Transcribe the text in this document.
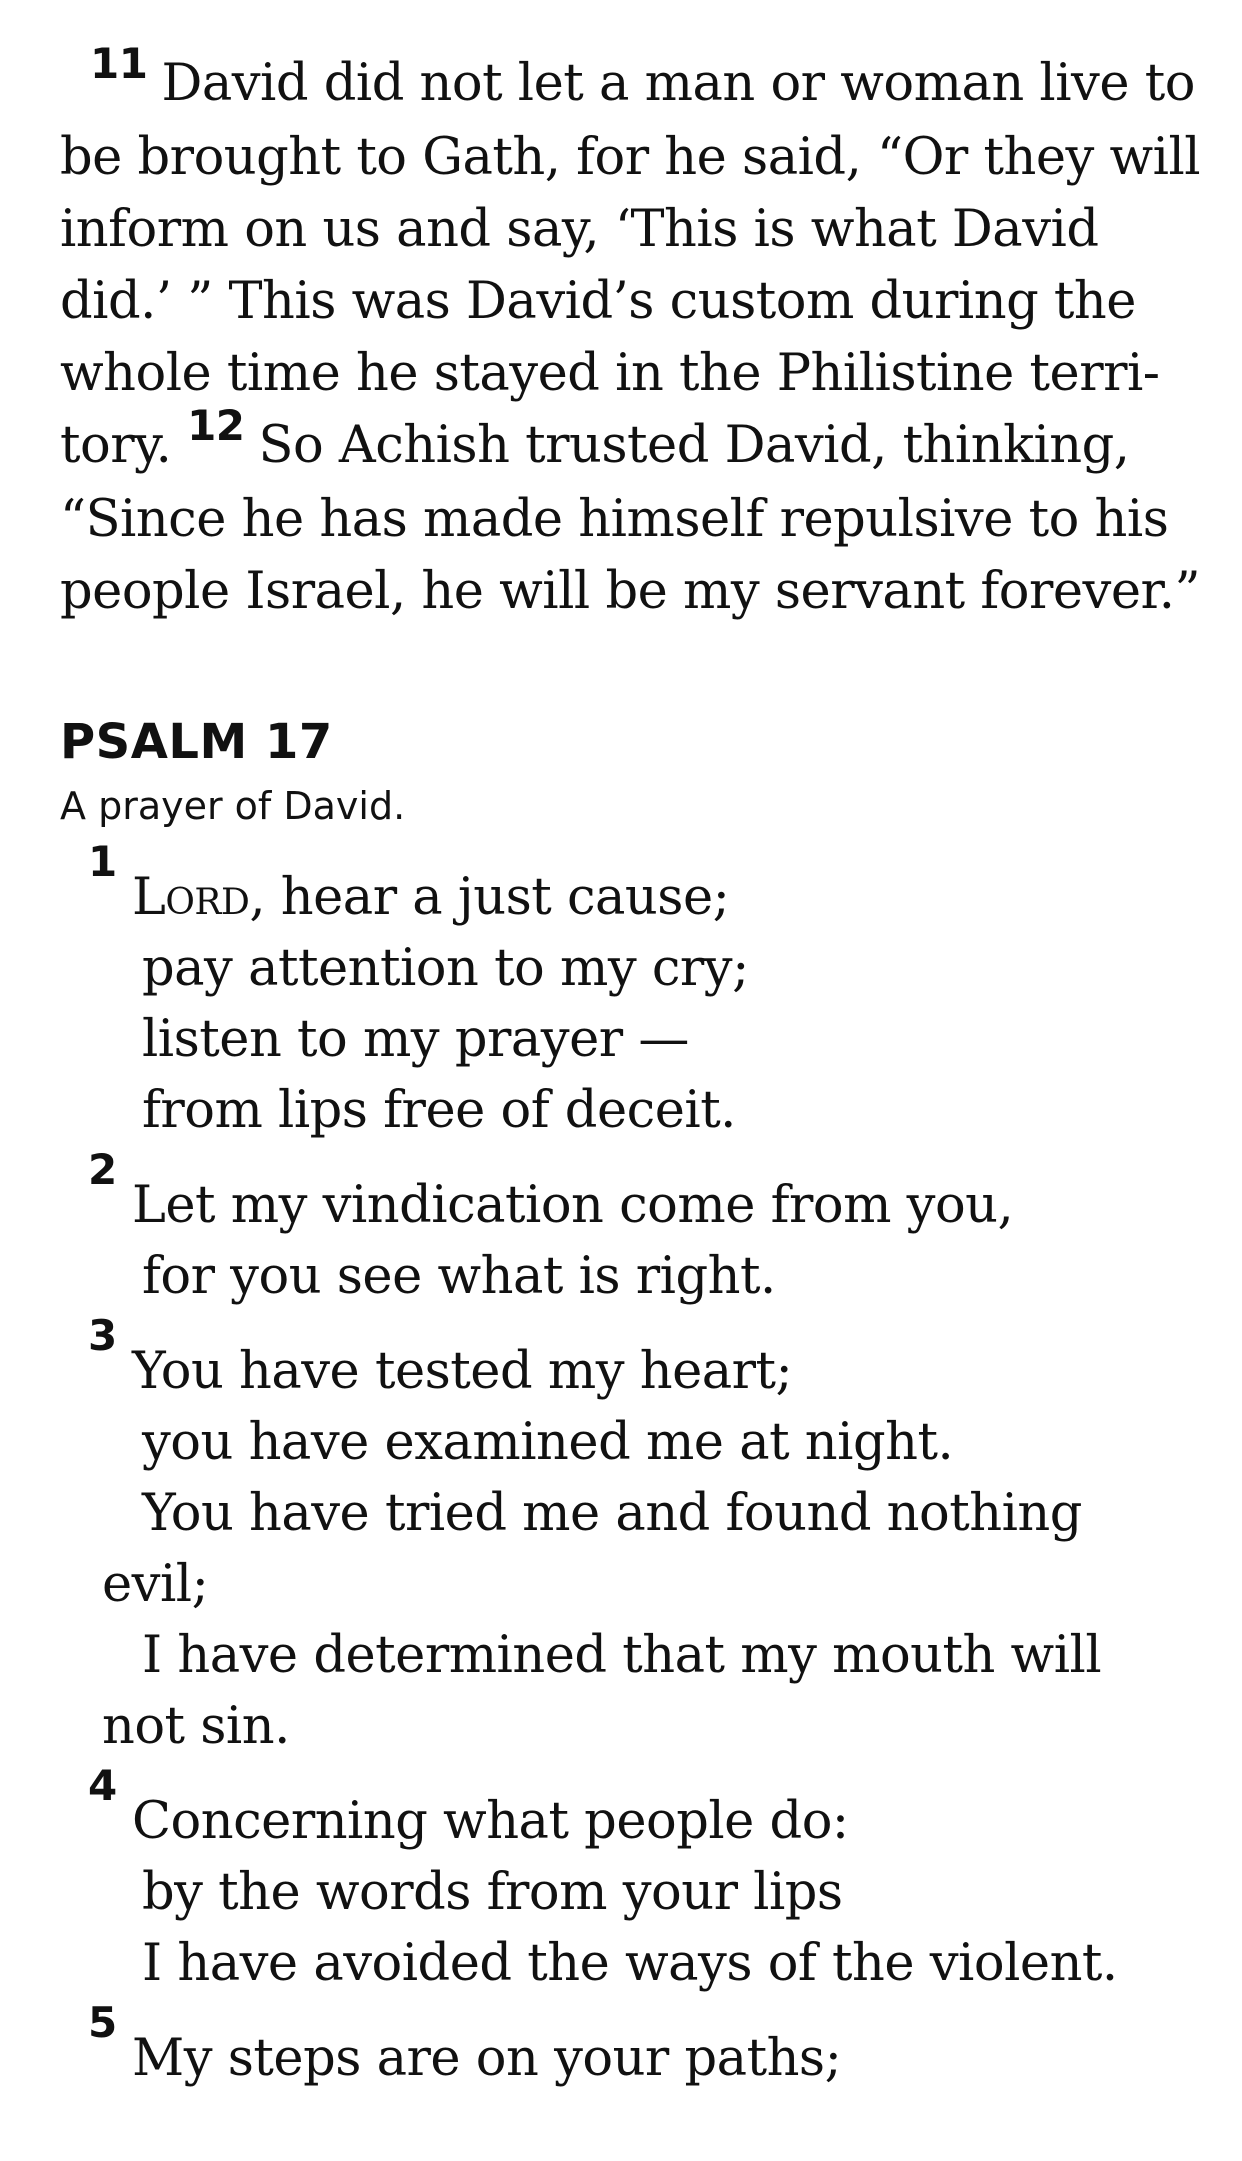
$^{11}$ David did not let a man or woman live to
be brought to Gath, for he said, “Or they will
inform on us and say, ‘This is what David
did.’ ” This was David’s custom during the
whole time he stayed in the Philistine terri-
tory. $^{12}$ So Achish trusted David, thinking,
“Since he has made himself repulsive to his
people Israel, he will be my servant forever.”
PSALM 17
A prayer of David.
1
Lord, hear a just cause;
pay attention to my cry;
listen to my prayer —
from lips free of deceit.
2
Let my vindication come from you,
for you see what is right.
3
You have tested my heart;
you have examined me at night.
You have tried me and found nothing
evil;
I have determined that my mouth will
not sin.
4
Concerning what people do:
by the words from your lips
I have avoided the ways of the violent.
5
My steps are on your paths;
